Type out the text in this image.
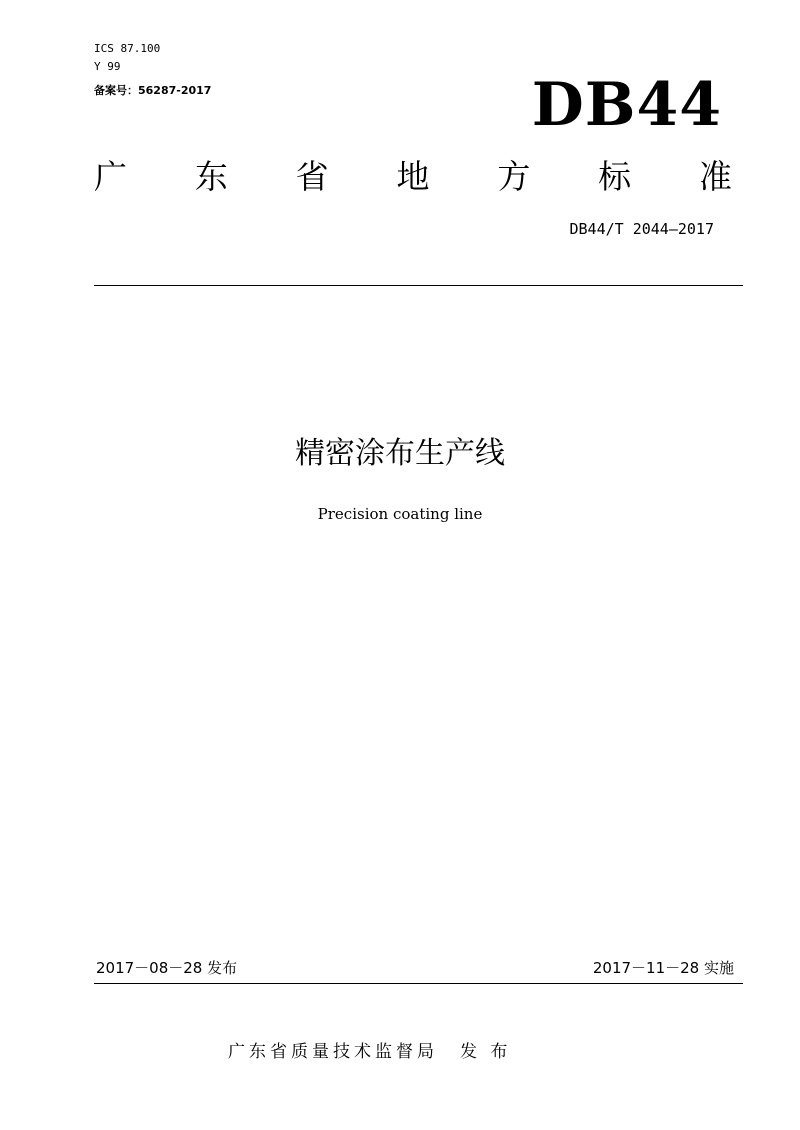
ICS 87.100
Y 99
备案号：56287-2017	DB44
广 东 省 地 方 标 准
DB44/T 2044—2017
精密涂布生产线
Precision coating line
2017－08－28 发布	2017－11－28 实施
广东省质量技术监督局 发 布
